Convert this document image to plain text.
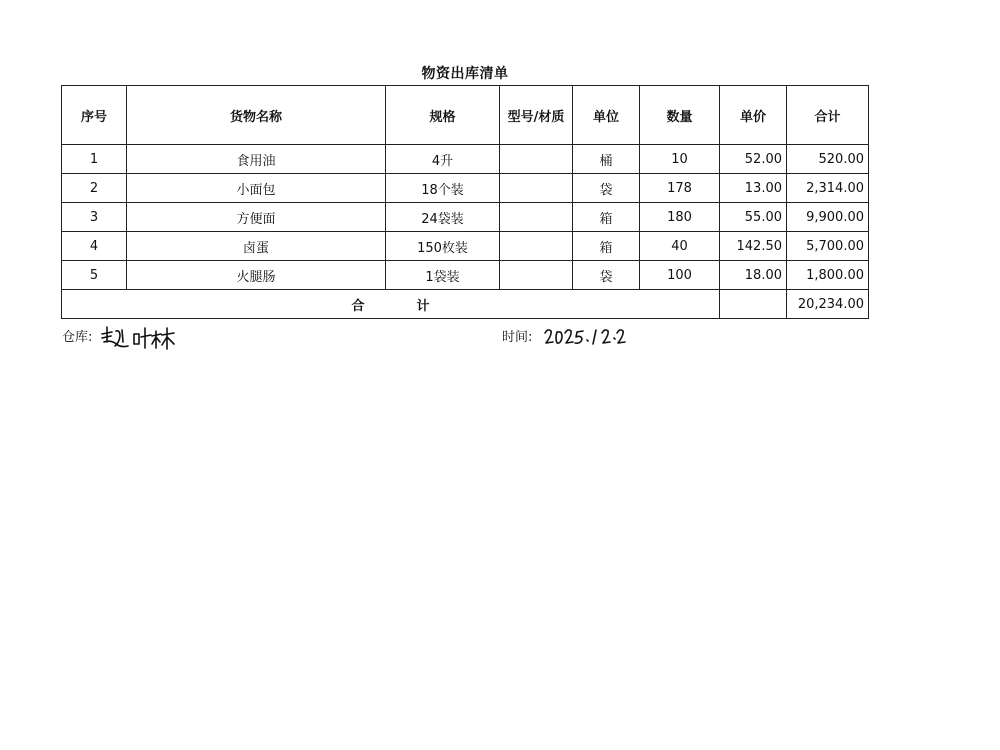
物资出库清单
序号	货物名称	规格	型号/材质	单位	数量	单价	合计
1	食用油	4升		桶	10	52.00	520.00
2	小面包	18个装		袋	178	13.00	2,314.00
3	方便面	24袋装		箱	180	55.00	9,900.00
4	卤蛋	150枚装		箱	40	142.50	5,700.00
5	火腿肠	1袋装		袋	100	18.00	1,800.00
合 计							20,234.00
仓库:	时间:
